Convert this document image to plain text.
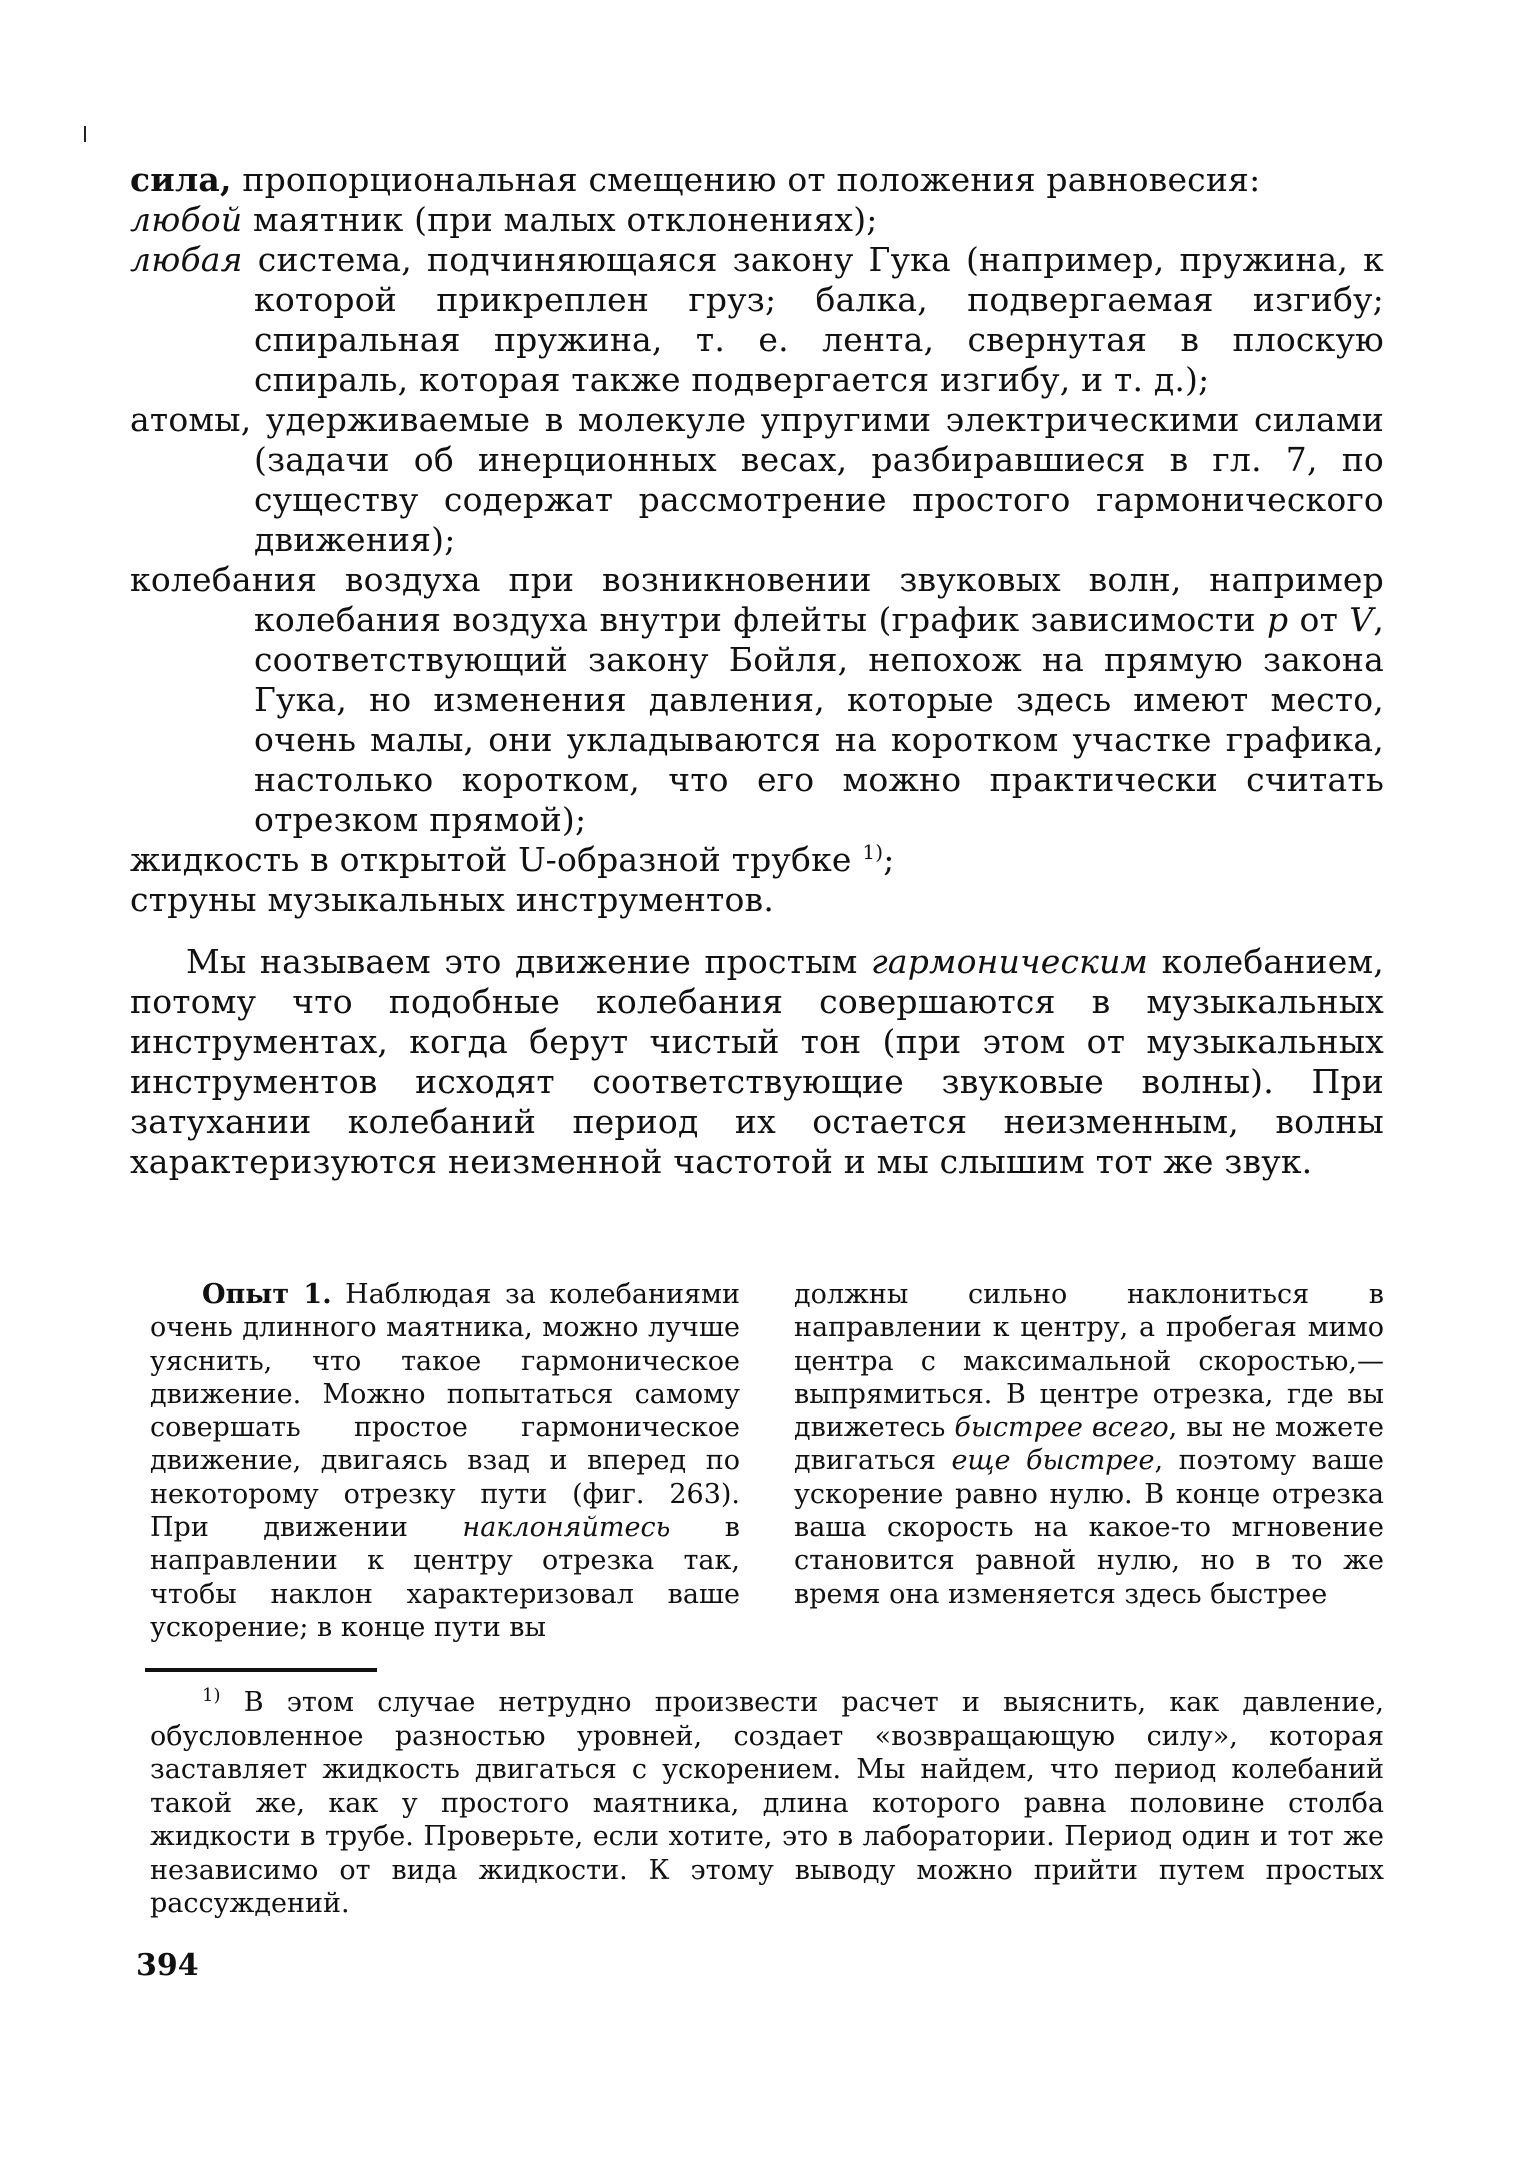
сила, пропорциональная смещению от положения равновесия:

любой маятник (при малых отклонениях);

любая система, подчиняющаяся закону Гука (например, пружина, к которой прикреплен груз; балка, подвергаемая изгибу; спиральная пружина, т. е. лента, свернутая в плоскую спираль, которая также подвергается изгибу, и т. д.);

атомы, удерживаемые в молекуле упругими электрическими силами (задачи об инерционных весах, разбиравшиеся в гл. 7, по существу содержат рассмотрение простого гармонического движения);

колебания воздуха при возникновении звуковых волн, например колебания воздуха внутри флейты (график зависимости p от V, соответствующий закону Бойля, непохож на прямую закона Гука, но изменения давления, которые здесь имеют место, очень малы, они укладываются на коротком участке графика, настолько коротком, что его можно практически считать отрезком прямой);

жидкость в открытой U-образной трубке $^{1)}$;

струны музыкальных инструментов.

Мы называем это движение простым гармоническим колебанием, потому что подобные колебания совершаются в музыкальных инструментах, когда берут чистый тон (при этом от музыкальных инструментов исходят соответствующие звуковые волны). При затухании колебаний период их остается неизменным, волны характеризуются неизменной частотой и мы слышим тот же звук.

Опыт 1. Наблюдая за колебаниями очень длинного маятника, можно лучше уяснить, что такое гармоническое движение. Можно попытаться самому совершать простое гармоническое движение, двигаясь взад и вперед по некоторому отрезку пути (фиг. 263). При движении наклоняйтесь в направлении к центру отрезка так, чтобы наклон характеризовал ваше ускорение; в конце пути вы

должны сильно наклониться в направлении к центру, а пробегая мимо центра с максимальной скоростью,— выпрямиться. В центре отрезка, где вы движетесь быстрее всего, вы не можете двигаться еще быстрее, поэтому ваше ускорение равно нулю. В конце отрезка ваша скорость на какое-то мгновение становится равной нулю, но в то же время она изменяется здесь быстрее

$^{1)}$ В этом случае нетрудно произвести расчет и выяснить, как давление, обусловленное разностью уровней, создает «возвращающую силу», которая заставляет жидкость двигаться с ускорением. Мы найдем, что период колебаний такой же, как у простого маятника, длина которого равна половине столба жидкости в трубе. Проверьте, если хотите, это в лаборатории. Период один и тот же независимо от вида жидкости. К этому выводу можно прийти путем простых рассуждений.

394
